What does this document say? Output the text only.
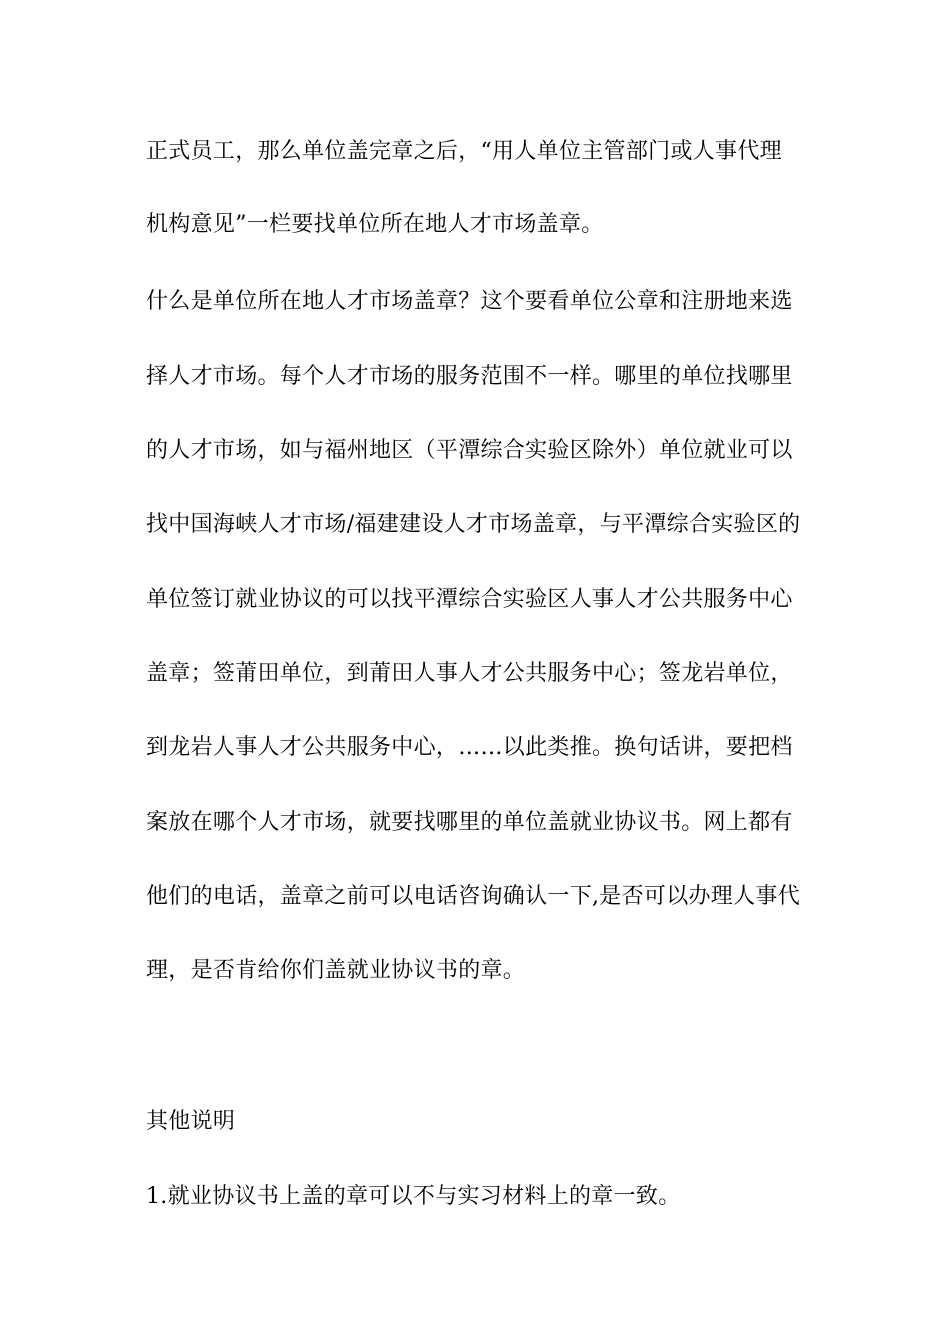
正式员工，那么单位盖完章之后，“用人单位主管部门或人事代理
机构意见”一栏要找单位所在地人才市场盖章。
什么是单位所在地人才市场盖章？这个要看单位公章和注册地来选
择人才市场。每个人才市场的服务范围不一样。哪里的单位找哪里
的人才市场，如与福州地区（平潭综合实验区除外）单位就业可以
找中国海峡人才市场/福建建设人才市场盖章，与平潭综合实验区的
单位签订就业协议的可以找平潭综合实验区人事人才公共服务中心
盖章；签莆田单位，到莆田人事人才公共服务中心；签龙岩单位，
到龙岩人事人才公共服务中心，……以此类推。换句话讲，要把档
案放在哪个人才市场，就要找哪里的单位盖就业协议书。网上都有
他们的电话，盖章之前可以电话咨询确认一下,是否可以办理人事代
理，是否肯给你们盖就业协议书的章。
其他说明
1.就业协议书上盖的章可以不与实习材料上的章一致。
